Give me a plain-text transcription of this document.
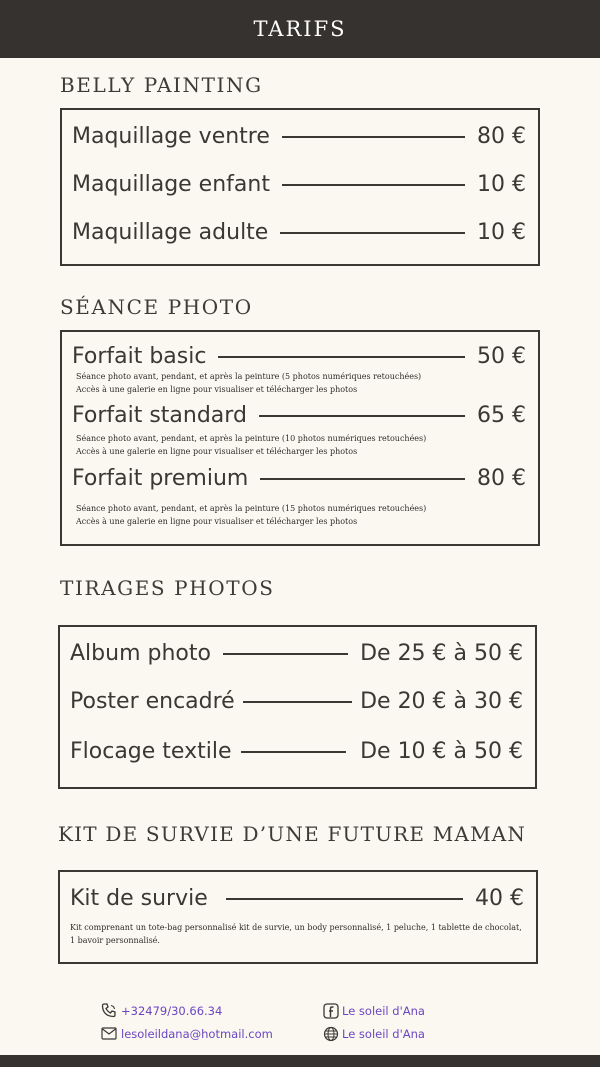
TARIFS
BELLY PAINTING
Maquillage ventre	80 €
Maquillage enfant	10 €
Maquillage adulte	10 €
SÉANCE PHOTO
Forfait basic	50 €
Séance photo avant, pendant, et après la peinture (5 photos numériques retouchées)
Accès à une galerie en ligne pour visualiser et télécharger les photos
Forfait standard	65 €
Séance photo avant, pendant, et après la peinture (10 photos numériques retouchées)
Accès à une galerie en ligne pour visualiser et télécharger les photos
Forfait premium	80 €
Séance photo avant, pendant, et après la peinture (15 photos numériques retouchées)
Accès à une galerie en ligne pour visualiser et télécharger les photos
TIRAGES PHOTOS
Album photo	De 25 € à 50 €
Poster encadré	De 20 € à 30 €
Flocage textile	De 10 € à 50 €
KIT DE SURVIE D’UNE FUTURE MAMAN
Kit de survie	40 €
Kit comprenant un tote-bag personnalisé kit de survie, un body personnalisé, 1 peluche, 1 tablette de chocolat, 1 bavoir personnalisé.
+32479/30.66.34
lesoleildana@hotmail.com
Le soleil d'Ana
Le soleil d'Ana
